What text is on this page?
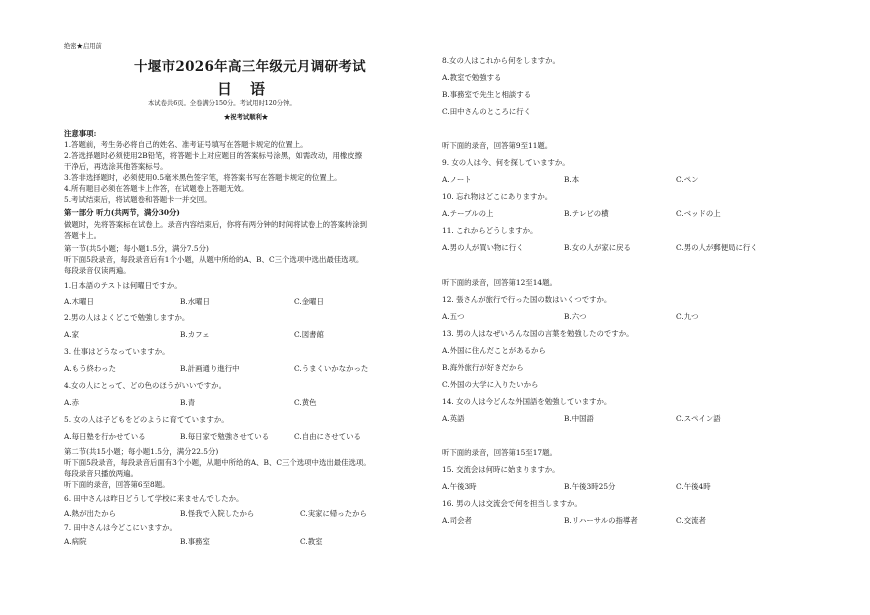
绝密★启用前
十堰市2026年高三年级元月调研考试
日语
本试卷共6页。全卷满分150分。考试用时120分钟。
★祝考试顺利★
注意事项:
1.答题前，考生务必将自己的姓名、准考证号填写在答题卡规定的位置上。
2.答选择题时必须使用2B铅笔，将答题卡上对应题目的答案标号涂黑，如需改动，用橡皮擦
干净后，再选涂其他答案标号。
3.答非选择题时，必须使用0.5毫米黑色签字笔，将答案书写在答题卡规定的位置上。
4.所有题目必须在答题卡上作答，在试题卷上答题无效。
5.考试结束后，将试题卷和答题卡一并交回。
第一部分 听力(共两节，满分30分)
做题时，先将答案标在试卷上。录音内容结束后，你将有两分钟的时间将试卷上的答案转涂到
答题卡上。
第一节(共5小题；每小题1.5分，满分7.5分)
听下面5段录音，每段录音后有1个小题，从题中所给的A、B、C三个选项中选出最佳选项。
每段录音仅读两遍。
1.日本語のテストは何曜日ですか。
A.木曜日	B.水曜日	C.金曜日
2.男の人はよくどこで勉強しますか。
A.家	B.カフェ	C.図書館
3. 仕事はどうなっていますか。
A.もう終わった	B.計画通り進行中	C.うまくいかなかった
4.女の人にとって、どの色のほうがいいですか。
A.赤	B.青	C.黄色
5. 女の人は子どもをどのように育てていますか。
A.毎日塾を行かせている	B.毎日家で勉強させている	C.自由にさせている
第二节(共15小题；每小题1.5分，满分22.5分)
听下面5段录音，每段录音后面有3个小题，从题中所给的A、B、C三个选项中选出最佳选项。
每段录音只播放两遍。
听下面的录音，回答第6至8题。
6. 田中さんは昨日どうして学校に来ませんでしたか。
A.熱が出たから	B.怪我で入院したから	C.実家に帰ったから
7. 田中さんは今どこにいますか。
A.病院	B.事務室	C.教室
8.女の人はこれから何をしますか。
A.教室で勉強する
B.事務室で先生と相談する
C.田中さんのところに行く
听下面的录音，回答第9至11题。
9. 女の人は今、何を探していますか。
A.ノート	B.本	C.ペン
10. 忘れ物はどこにありますか。
A.テーブルの上	B.テレビの横	C.ベッドの上
11. これからどうしますか。
A.男の人が買い物に行く	B.女の人が家に戻る	C.男の人が郵便局に行く
听下面的录音，回答第12至14题。
12. 張さんが旅行で行った国の数はいくつですか。
A.五つ	B.六つ	C.九つ
13. 男の人はなぜいろんな国の言葉を勉強したのですか。
A.外国に住んだことがあるから
B.海外旅行が好きだから
C.外国の大学に入りたいから
14. 女の人は今どんな外国語を勉強していますか。
A.英語	B.中国語	C.スペイン語
听下面的录音，回答第15至17题。
15. 交流会は何時に始まりますか。
A.午後3時	B.午後3時25分	C.午後4時
16. 男の人は交流会で何を担当しますか。
A.司会者	B.リハーサルの指導者	C.交流者
